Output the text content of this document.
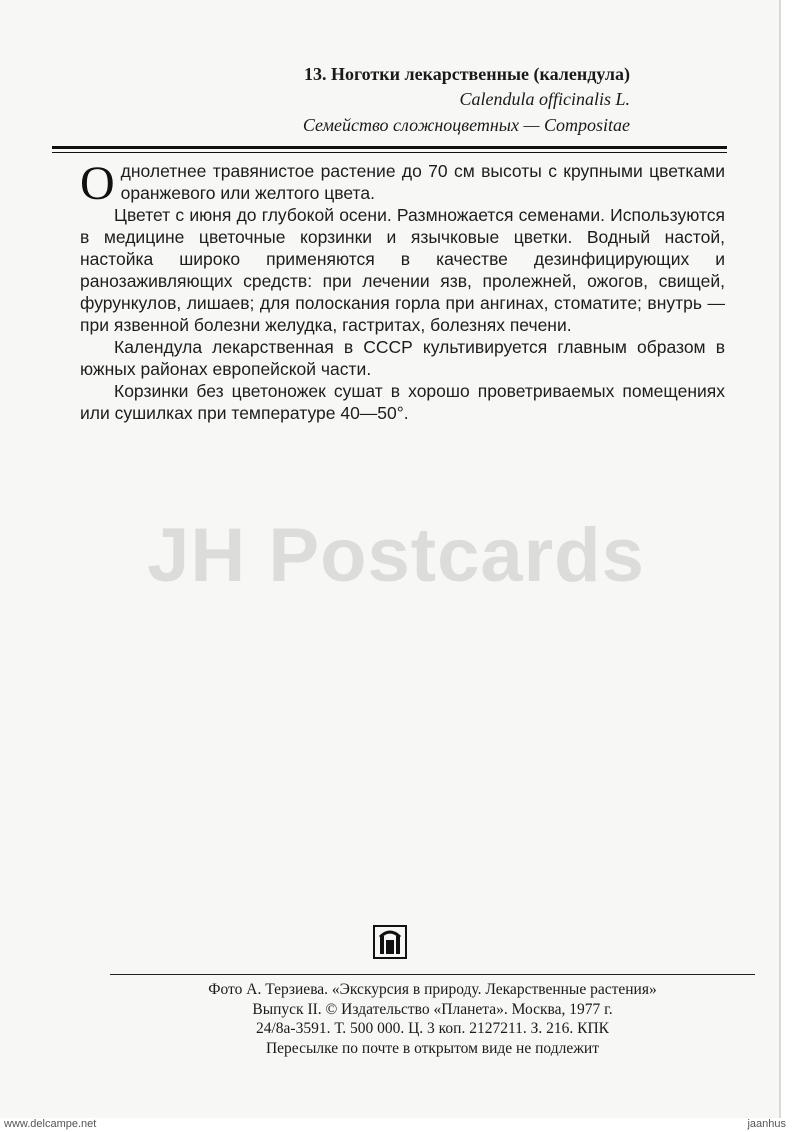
13. Ноготки лекарственные (календула)
Calendula officinalis L.
Семейство сложноцветных — Compositae

Однолетнее травянистое растение до 70 см высоты с крупными цветками оранжевого или желтого цвета.

Цветет с июня до глубокой осени. Размножается семенами. Используются в медицине цветочные корзинки и язычковые цветки. Водный настой, настойка широко применяются в качестве дезинфицирующих и ранозаживляющих средств: при лечении язв, пролежней, ожогов, свищей, фурункулов, лишаев; для полоскания горла при ангинах, стоматите; внутрь — при язвенной болезни желудка, гастритах, болезнях печени.

Календула лекарственная в СССР культивируется главным образом в южных районах европейской части.

Корзинки без цветоножек сушат в хорошо проветриваемых помещениях или сушилках при температуре 40—50°.

JH Postcards
Фото А. Терзиева. «Экскурсия в природу. Лекарственные растения»
Выпуск II. © Издательство «Планета». Москва, 1977 г.
24/8а-3591. Т. 500 000. Ц. 3 коп. 2127211. З. 216. КПК
Пересылке по почте в открытом виде не подлежит
www.delcampe.net	jaanhus
